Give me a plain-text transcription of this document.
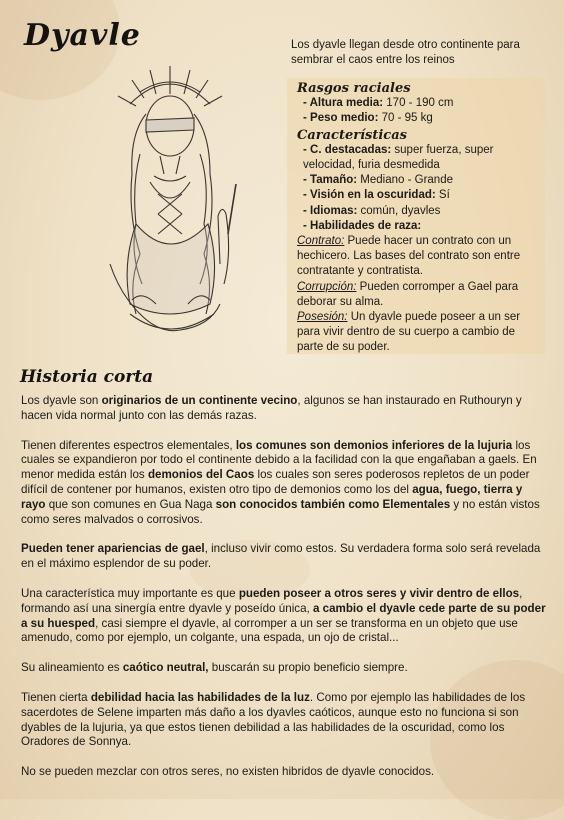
Dyavle	Los dyavle llegan desde otro continente para sembrar el caos entre los reinos
Rasgos raciales
- Altura media: 170 - 190 cm
- Peso medio: 70 - 95 kg
Características
- C. destacadas: super fuerza, super velocidad, furia desmedida
- Tamaño: Mediano - Grande
- Visión en la oscuridad: Sí
- Idiomas: común, dyavles
- Habilidades de raza:
Contrato: Puede hacer un contrato con un hechicero. Las bases del contrato son entre contratante y contratista.
Corrupción: Pueden corromper a Gael para deborar su alma.
Posesión: Un dyavle puede poseer a un ser para vivir dentro de su cuerpo a cambio de parte de su poder.
Historia corta

Los dyavle son originarios de un continente vecino, algunos se han instaurado en Ruthouryn y hacen vida normal junto con las demás razas.

Tienen diferentes espectros elementales, los comunes son demonios inferiores de la lujuria los cuales se expandieron por todo el continente debido a la facilidad con la que engañaban a gaels. En menor medida están los demonios del Caos los cuales son seres poderosos repletos de un poder difícil de contener por humanos, existen otro tipo de demonios como los del agua, fuego, tierra y rayo que son comunes en Gua Naga son conocidos también como Elementales y no están vistos como seres malvados o corrosivos.

Pueden tener apariencias de gael, incluso vivir como estos. Su verdadera forma solo será revelada en el máximo esplendor de su poder.

Una característica muy importante es que pueden poseer a otros seres y vivir dentro de ellos, formando así una sinergía entre dyavle y poseído única, a cambio el dyavle cede parte de su poder a su huesped, casi siempre el dyavle, al corromper a un ser se transforma en un objeto que use amenudo, como por ejemplo, un colgante, una espada, un ojo de cristal...

Su alineamiento es caótico neutral, buscarán su propio beneficio siempre.

Tienen cierta debilidad hacia las habilidades de la luz. Como por ejemplo las habilidades de los sacerdotes de Selene imparten más daño a los dyavles caóticos, aunque esto no funciona si son dyables de la lujuria, ya que estos tienen debilidad a las habilidades de la oscuridad, como los Oradores de Sonnya.

No se pueden mezclar con otros seres, no existen hibridos de dyavle conocidos.
